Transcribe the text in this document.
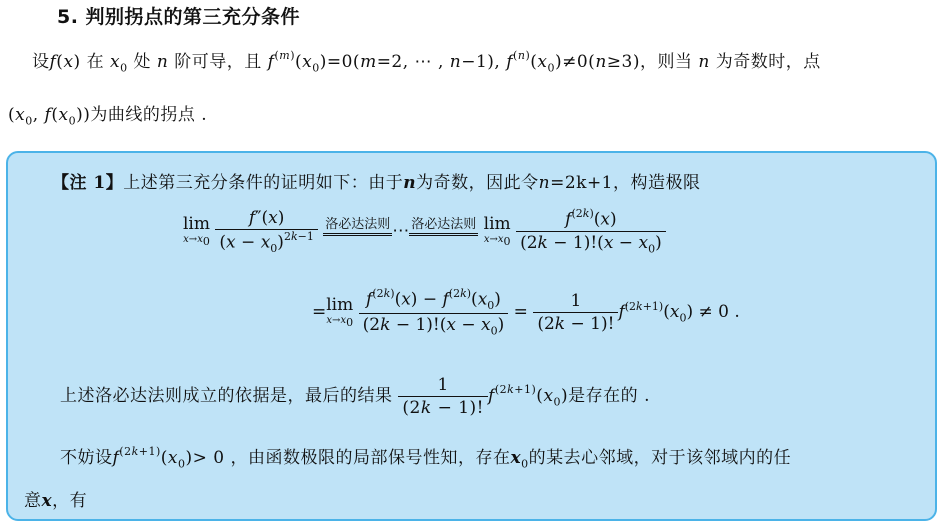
5. 判别拐点的第三充分条件
设f(x) 在 $x_0$ 处 n 阶可导，且 $f^{(m)}(x_0)=0(m=2$, ⋯ , n−1), $f^{(n)}(x_0)\ne 0(n\ge 3)$，则当 n 为奇数时，点
($x_0$, $f(x_0)$)为曲线的拐点 .
【注 1】上述第三充分条件的证明如下：由于n为奇数，因此令n=2k+1，构造极限
lim
$x\to x_0$
$\frac{f''(x)}{(x - x_0)^{2k-1}}$
洛必达法则 ⋯ 洛必达法则
lim
$x\to x_0$
$\frac{f^{(2k)}(x)}{(2k - 1)!(x - x_0)}$
= lim
$x\to x_0$
$\frac{f^{(2k)}(x) - f^{(2k)}(x_0)}{(2k - 1)!(x - x_0)} = \frac{1}{(2k - 1)!} f^{(2k+1)}(x_0) \ne 0$ .
上述洛必达法则成立的依据是，最后的结果 $\frac{1}{(2k - 1)!} f^{(2k+1)}(x_0)$是存在的 .
不妨设$f^{(2k+1)}(x_0)> 0$ ，由函数极限的局部保号性知，存在$x_0$的某去心邻域，对于该邻域内的任
意x，有
